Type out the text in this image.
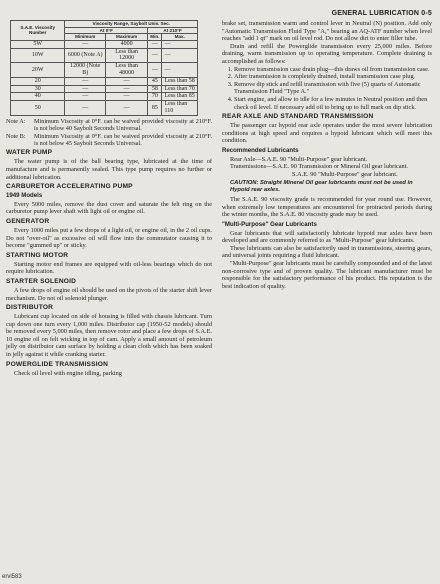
GENERAL LUBRICATION 0-5
S.A.E. Viscosity Number	Viscosity Range, Saybolt Univ. Sec.			
	At 0°F		At 210°F	
	Minimum	Maximum	Min.	Max.
5W	—	4000	—	—
10W	6000 (Note A)	Less than 12000	—	—
20W	12000 (Note B)	Less than 48000	—	—
20	—	—	45	Less than 58
30	—	—	58	Less than 70
40	—	—	70	Less than 85
50	—	—	85	Less than 110
Note A:	Minimum Viscosity at 0°F. can be waived provided viscosity at 210°F. is not below 40 Saybolt Seconds Universal.
Note B:	Minimum Viscosity at 0°F. can be waived provided viscosity at 210°F. is not below 45 Saybolt Seconds Universal.
WATER PUMP

The water pump is of the ball bearing type, lubricated at the time of manufacture and is permanently sealed. This type pump requires no further or additional lubrication.

CARBURETOR ACCELERATING PUMP
1949 Models

Every 5000 miles, remove the dust cover and saturate the felt ring on the carburetor pump lever shaft with light oil or engine oil.

GENERATOR

Every 1000 miles put a few drops of a light oil, or engine oil, in the 2 oil cups. Do not "over-oil" as excessive oil will flow into the commutator causing it to become "gummed up" or sticky.

STARTING MOTOR

Starting motor end frames are equipped with oil-less bearings which do not require lubrication.

STARTER SOLENOID

A few drops of engine oil should be used on the pivots of the starter shift lever mechanism. Do not oil solenoid plunger.

DISTRIBUTOR

Lubricant cup located on side of housing is filled with chassis lubricant. Turn cup down one turn every 1,000 miles. Distributor cap (1950-52 models) should be removed every 5,000 miles, then remove rotor and place a few drops of S.A.E. 10 engine oil on felt wicking in top of cam. Apply a small amount of petroleum jelly on distributor cam surface by holding a clean cloth which has been soaked in jelly against it while cranking starter.

POWERGLIDE TRANSMISSION

Check oil level with engine idling, parking

brake set, transmission warm and control lever in Neutral (N) position. Add only "Automatic Transmission Fluid Type "A," bearing an AQ-ATF number when level reaches "add 1 qt" mark on oil level rod. Do not allow dirt to enter filler tube.

Drain and refill the Powerglide transmission every 25,000 miles. Before draining, warm transmission up to operating temperature. Complete draining is accomplished as follows:

1. Remove transmission case drain plug—this draws oil from transmission case.
2. After transmission is completely drained, install transmission case plug.
3. Remove dip stick and refill transmission with five (5) quarts of Automatic Transmission Fluid "Type A."
4. Start engine, and allow to idle for a few minutes in Neutral position and then check oil level. If necessary add oil to bring up to full mark on dip stick.
REAR AXLE AND STANDARD TRANSMISSION

The passenger car hypoid rear axle operates under the most severe lubrication conditions at high speed and requires a hypoid lubricant which will meet this condition.

Recommended Lubricants

Rear Axle—S.A.E. 90 "Multi-Purpose" gear lubricant.

Transmissions—S.A.E. 90 Transmission or Mineral Oil gear lubricant.

S.A.E. 90 "Multi-Purpose" gear lubricant.

CAUTION: Straight Mineral Oil gear lubricants must not be used in Hypoid rear axles.

The S.A.E. 90 viscosity grade is recommended for year round use. However, when extremely low temperatures are encountered for protracted periods during the winter months, the S.A.E. 80 viscosity grade may be used.

"Multi-Purpose" Gear Lubricants

Gear lubricants that will satisfactorily lubricate hypoid rear axles have been developed and are commonly referred to as "Multi-Purpose" gear lubricants.

These lubricants can also be satisfactorily used in transmissions, steering gears, and universal joints requiring a fluid lubricant.

"Multi-Purpose" gear lubricants must be carefully compounded and of the latest non-corrosive type and of proven quality. The lubricant manufacturer must be responsible for the satisfactory performance of his product. His reputation is the best indication of quality.

ervi583
